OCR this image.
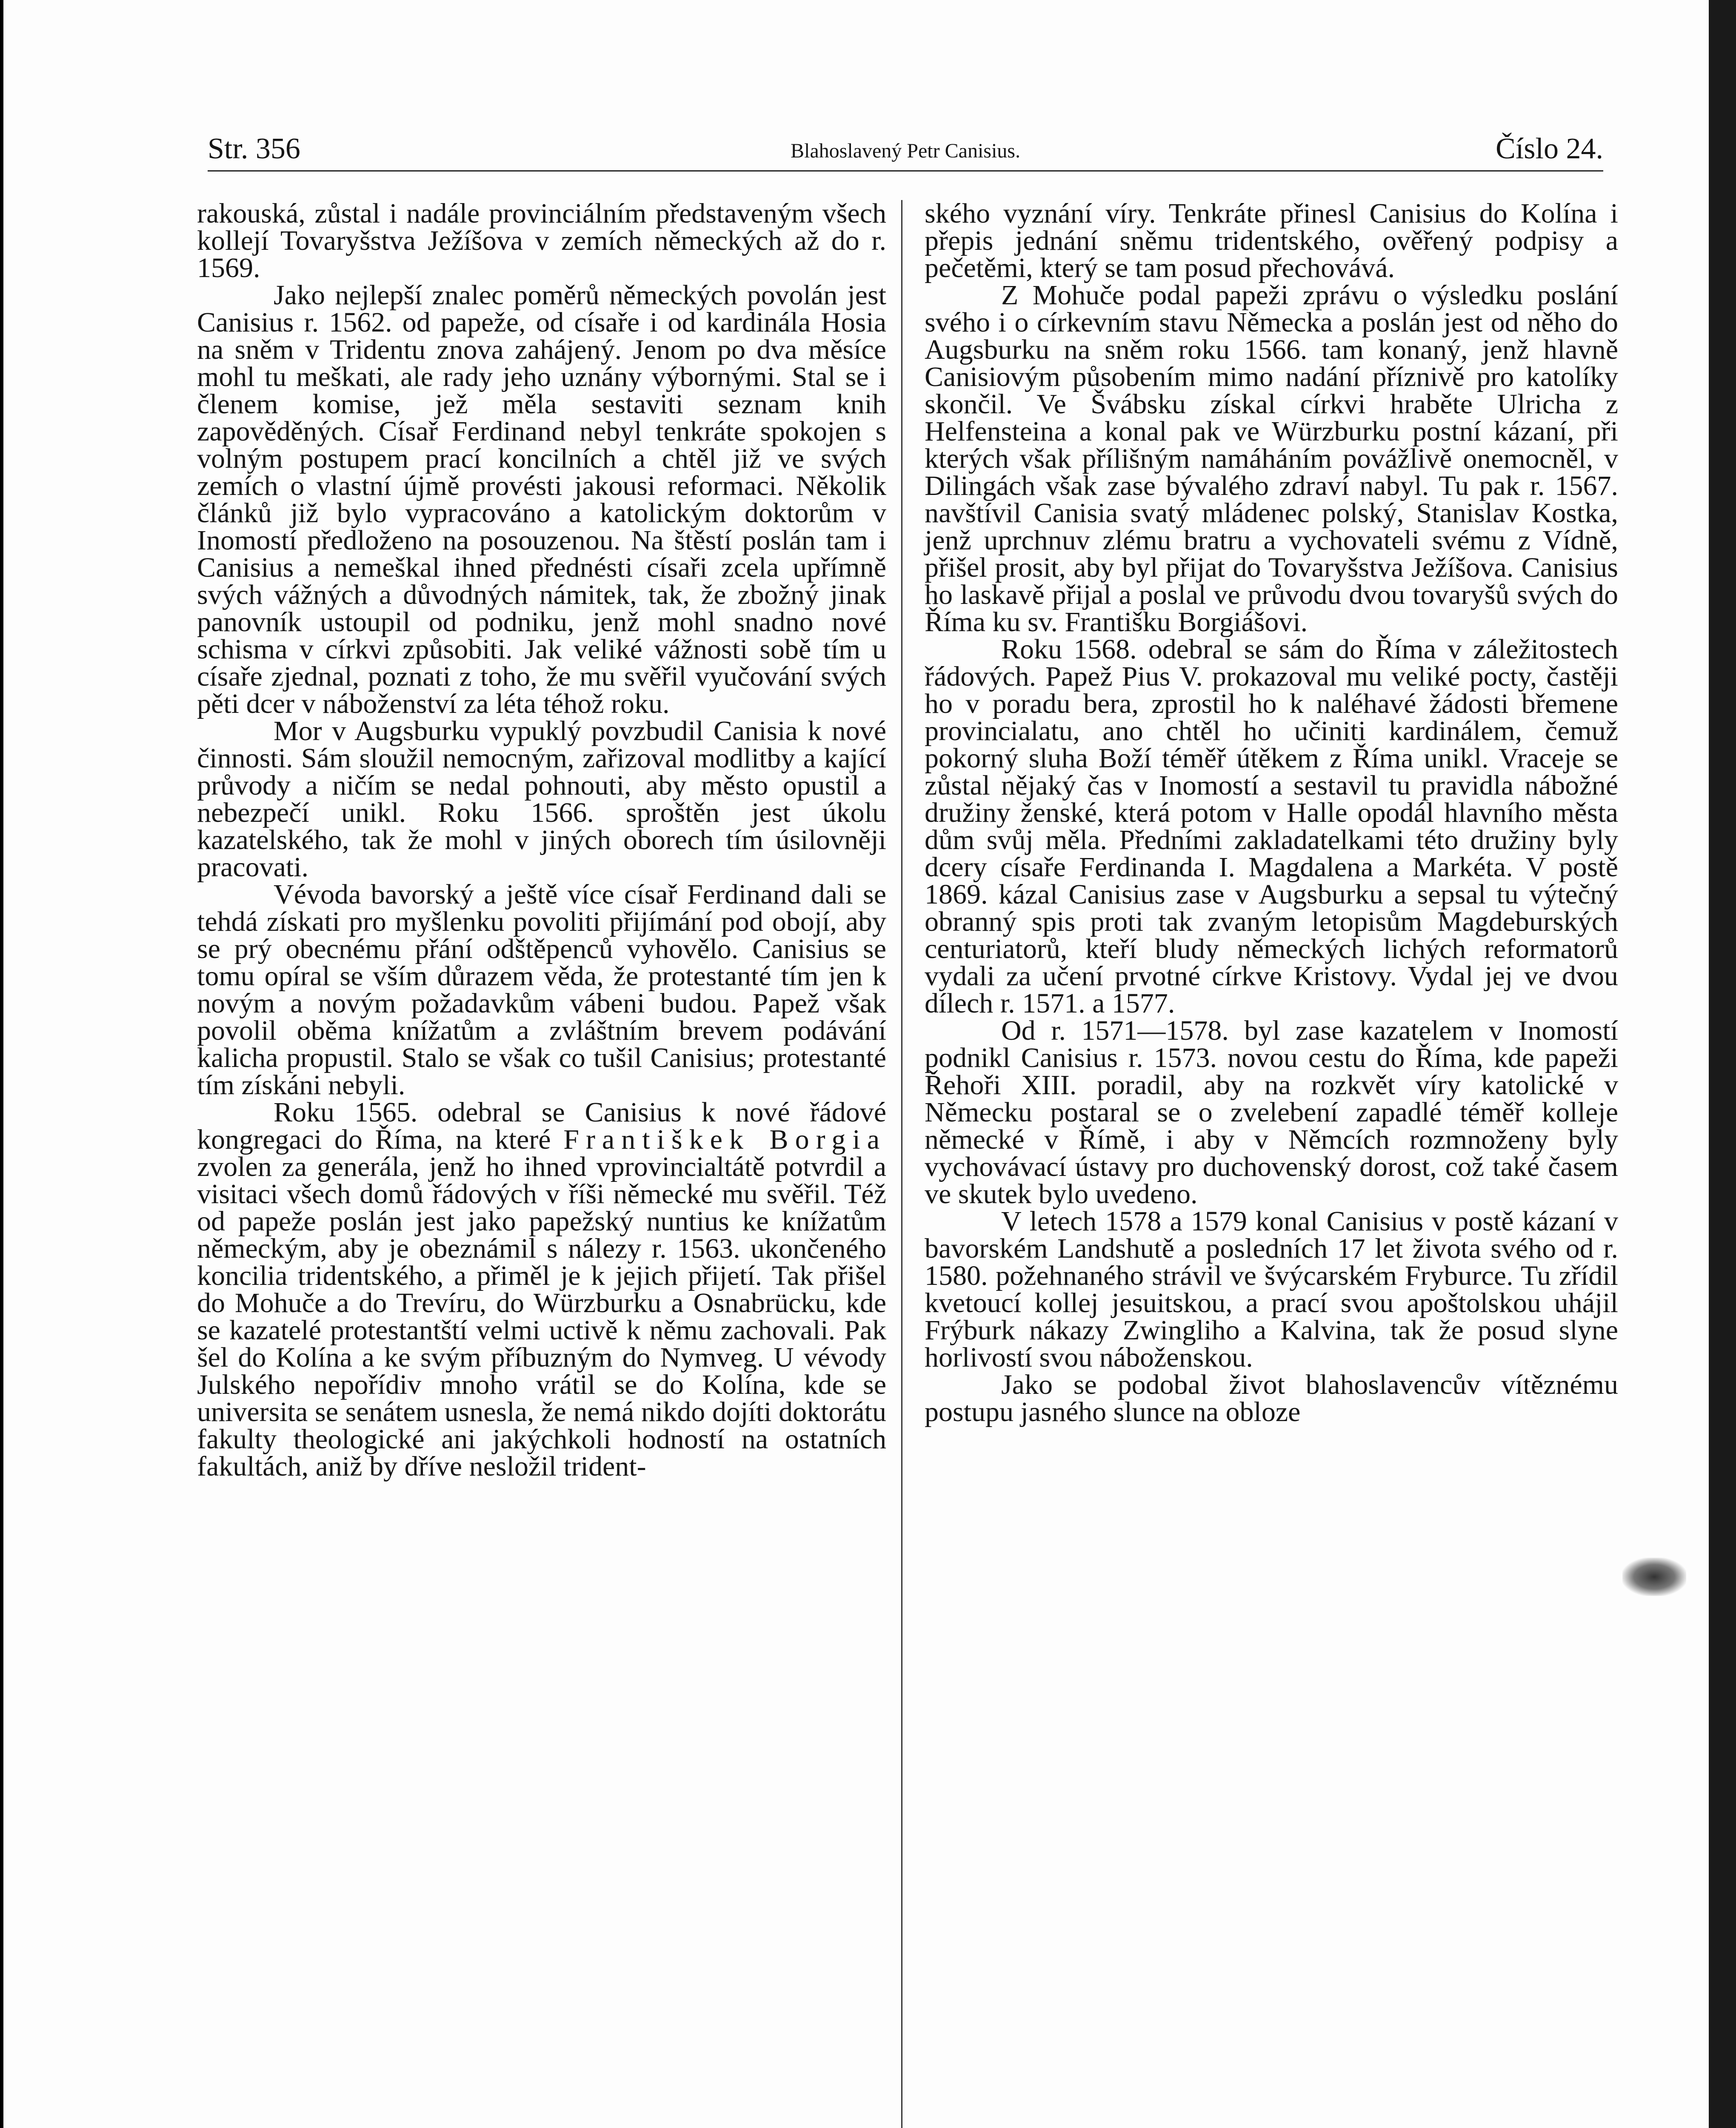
Str. 356	Blahoslavený Petr Canisius.	Číslo 24.

rakouská, zůstal i nadále provinciálním představeným všech kollejí Tovaryšstva Ježíšova v zemích německých až do r. 1569.

Jako nejlepší znalec poměrů německých povolán jest Canisius r. 1562. od papeže, od císaře i od kardinála Hosia na sněm v Tridentu znova zahájený. Jenom po dva měsíce mohl tu meškati, ale rady jeho uznány výbornými. Stal se i členem komise, jež měla sestaviti seznam knih zapověděných. Císař Ferdinand nebyl tenkráte spokojen s volným postupem prací koncilních a chtěl již ve svých zemích o vlastní újmě provésti jakousi reformaci. Několik článků již bylo vypracováno a katolickým doktorům v Inomostí předloženo na posouzenou. Na štěstí poslán tam i Canisius a nemeškal ihned přednésti císaři zcela upřímně svých vážných a důvodných námitek, tak, že zbožný jinak panovník ustoupil od podniku, jenž mohl snadno nové schisma v církvi způsobiti. Jak veliké vážnosti sobě tím u císaře zjednal, poznati z toho, že mu svěřil vyučování svých pěti dcer v náboženství za léta téhož roku.

Mor v Augsburku vypuklý povzbudil Canisia k nové činnosti. Sám sloužil nemocným, zařizoval modlitby a kající průvody a ničím se nedal pohnouti, aby město opustil a nebezpečí unikl. Roku 1566. sproštěn jest úkolu kazatelského, tak že mohl v jiných oborech tím úsilovněji pracovati.

Vévoda bavorský a ještě více císař Ferdinand dali se tehdá získati pro myšlenku povoliti přijímání pod obojí, aby se prý obecnému přání odštěpenců vyhovělo. Canisius se tomu opíral se vším důrazem věda, že protestanté tím jen k novým a novým požadavkům vábeni budou. Papež však povolil oběma knížatům a zvláštním brevem podávání kalicha propustil. Stalo se však co tušil Canisius; protestanté tím získáni nebyli.

Roku 1565. odebral se Canisius k nové řádové kongregaci do Říma, na které Františkek Borgia zvolen za generála, jenž ho ihned vprovincialtátě potvrdil a visitaci všech domů řádových v říši německé mu svěřil. Též od papeže poslán jest jako papežský nuntius ke knížatům německým, aby je obeznámil s nálezy r. 1563. ukončeného koncilia tridentského, a přiměl je k jejich přijetí. Tak přišel do Mohuče a do Trevíru, do Würzburku a Osnabrücku, kde se kazatelé protestantští velmi uctivě k němu zachovali. Pak šel do Kolína a ke svým příbuzným do Nymveg. U vévody Julského nepořídiv mnoho vrátil se do Kolína, kde se universita se senátem usnesla, že nemá nikdo dojíti doktorátu fakulty theologické ani jakýchkoli hodností na ostatních fakultách, aniž by dříve nesložil trident-

ského vyznání víry. Tenkráte přinesl Canisius do Kolína i přepis jednání sněmu tridentského, ověřený podpisy a pečetěmi, který se tam posud přechovává.

Z Mohuče podal papeži zprávu o výsledku poslání svého i o církevním stavu Německa a poslán jest od něho do Augsburku na sněm roku 1566. tam konaný, jenž hlavně Canisiovým působením mimo nadání příznivě pro katolíky skončil. Ve Švábsku získal církvi hraběte Ulricha z Helfensteina a konal pak ve Würzburku postní kázaní, při kterých však přílišným namáháním povážlivě onemocněl, v Dilingách však zase bývalého zdraví nabyl. Tu pak r. 1567. navštívil Canisia svatý mládenec polský, Stanislav Kostka, jenž uprchnuv zlému bratru a vychovateli svému z Vídně, přišel prosit, aby byl přijat do Tovaryšstva Ježíšova. Canisius ho laskavě přijal a poslal ve průvodu dvou tovaryšů svých do Říma ku sv. Františku Borgiášovi.

Roku 1568. odebral se sám do Říma v záležitostech řádových. Papež Pius V. prokazoval mu veliké pocty, častěji ho v poradu bera, zprostil ho k naléhavé žádosti břemene provincialatu, ano chtěl ho učiniti kardinálem, čemuž pokorný sluha Boží téměř útěkem z Říma unikl. Vraceje se zůstal nějaký čas v Inomostí a sestavil tu pravidla nábožné družiny ženské, která potom v Halle opodál hlavního města dům svůj měla. Předními zakladatelkami této družiny byly dcery císaře Ferdinanda I. Magdalena a Markéta. V postě 1869. kázal Canisius zase v Augsburku a sepsal tu výtečný obranný spis proti tak zvaným letopisům Magdeburských centuriatorů, kteří bludy německých lichých reformatorů vydali za učení prvotné církve Kristovy. Vydal jej ve dvou dílech r. 1571. a 1577.

Od r. 1571—1578. byl zase kazatelem v Inomostí podnikl Canisius r. 1573. novou cestu do Říma, kde papeži Řehoři XIII. poradil, aby na rozkvět víry katolické v Německu postaral se o zvelebení zapadlé téměř kolleje německé v Římě, i aby v Němcích rozmnoženy byly vychovávací ústavy pro duchovenský dorost, což také časem ve skutek bylo uvedeno.

V letech 1578 a 1579 konal Canisius v postě kázaní v bavorském Landshutě a posledních 17 let života svého od r. 1580. požehnaného strávil ve švýcarském Fryburce. Tu zřídil kvetoucí kollej jesuitskou, a prací svou apoštolskou uhájil Frýburk nákazy Zwingliho a Kalvina, tak že posud slyne horlivostí svou náboženskou.

Jako se podobal život blahoslavencův vítěznému postupu jasného slunce na obloze
